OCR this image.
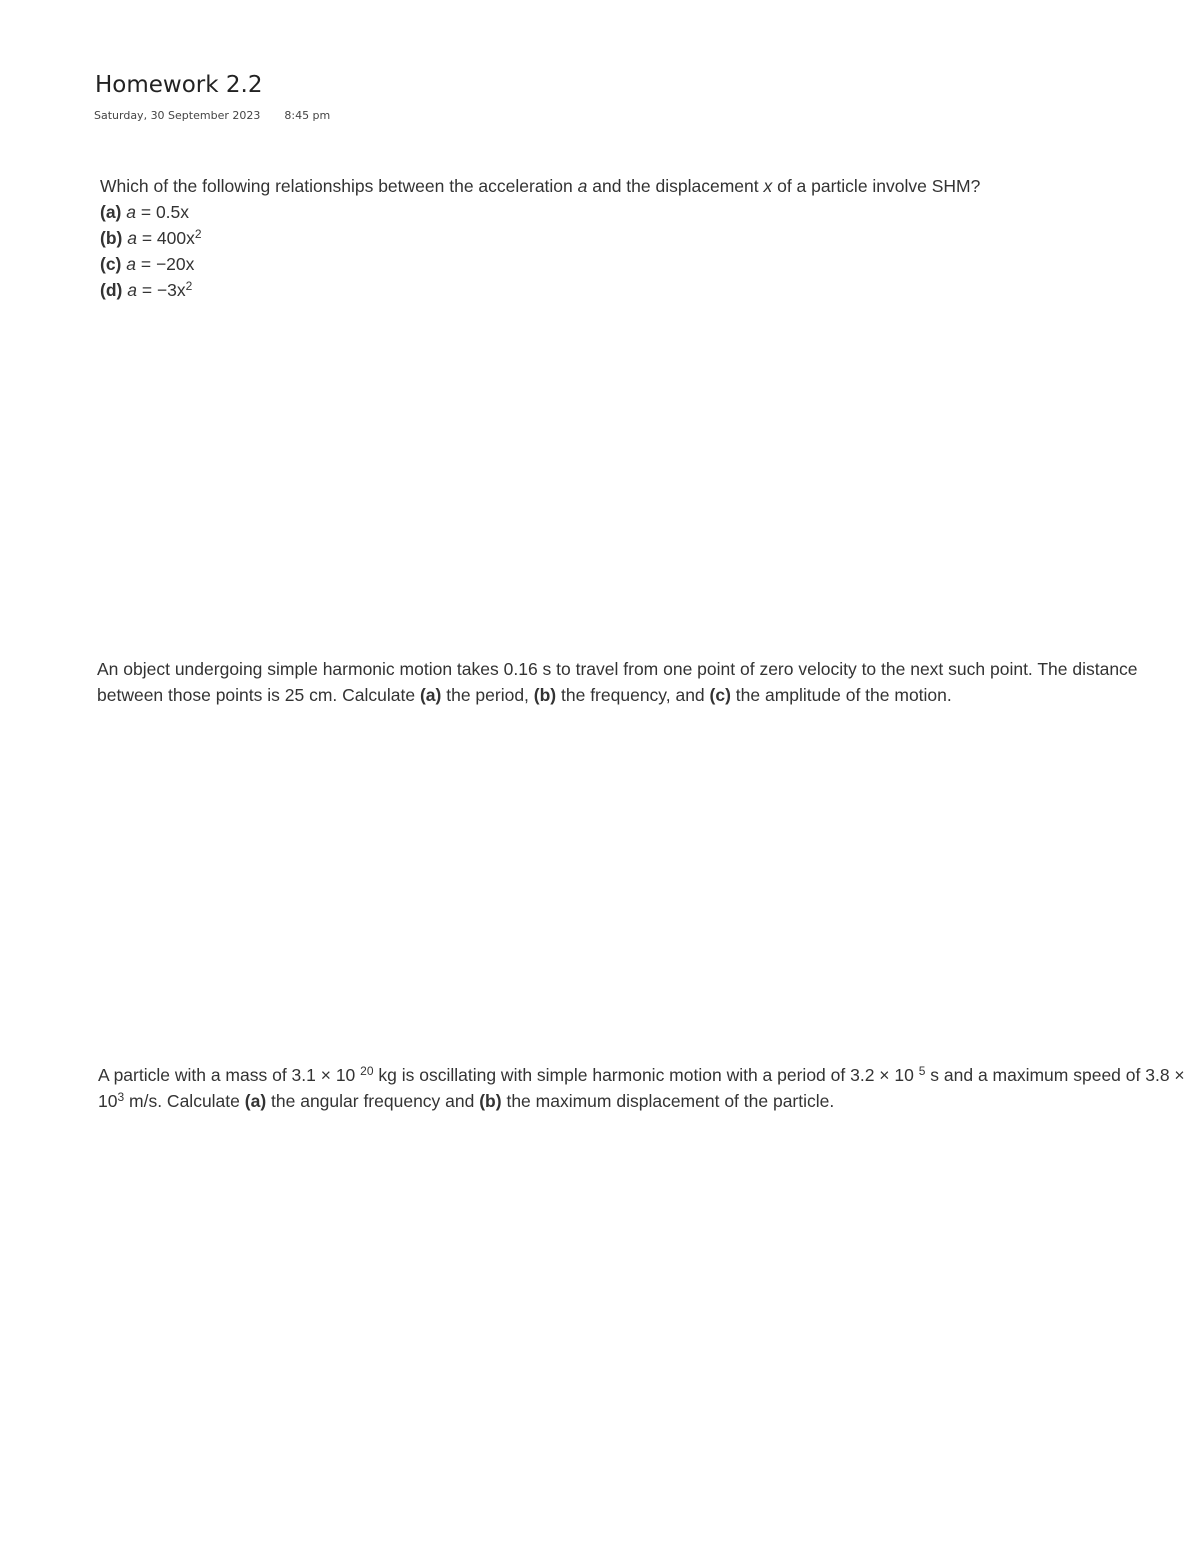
Homework 2.2
Saturday, 30 September 2023 8:45 pm
Which of the following relationships between the acceleration a and the displacement x of a particle involve SHM?
(a) a = 0.5x
(b) $a = 400x^2$
(c) a = −20x
(d) $a = -3x^2$

An object undergoing simple harmonic motion takes 0.16 s to travel from one point of zero velocity to the next such point. The distance between those points is 25 cm. Calculate (a) the period, (b) the frequency, and (c) the amplitude of the motion.

A particle with a mass of 3.1 × 10 $^{20}$ kg is oscillating with simple harmonic motion with a period of 3.2 × 10 $^5$ s and a maximum speed of $3.8 \times 10^3$ m/s. Calculate (a) the angular frequency and (b) the maximum displacement of the particle.
